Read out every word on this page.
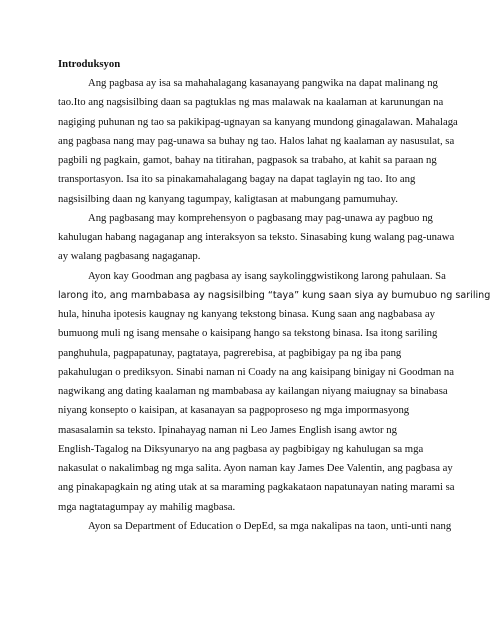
Introduksyon
Ang pagbasa ay isa sa mahahalagang kasanayang pangwika na dapat malinang ng
tao.Ito ang nagsisilbing daan sa pagtuklas ng mas malawak na kaalaman at karunungan na
nagiging puhunan ng tao sa pakikipag-ugnayan sa kanyang mundong ginagalawan. Mahalaga
ang pagbasa nang may pag-unawa sa buhay ng tao. Halos lahat ng kaalaman ay nasusulat, sa
pagbili ng pagkain, gamot, bahay na titirahan, pagpasok sa trabaho, at kahit sa paraan ng
transportasyon. Isa ito sa pinakamahalagang bagay na dapat taglayin ng tao. Ito ang
nagsisilbing daan ng kanyang tagumpay, kaligtasan at mabungang pamumuhay.
Ang pagbasang may komprehensyon o pagbasang may pag-unawa ay pagbuo ng
kahulugan habang nagaganap ang interaksyon sa teksto. Sinasabing kung walang pag-unawa
ay walang pagbasang nagaganap.
Ayon kay Goodman ang pagbasa ay isang saykolinggwistikong larong pahulaan. Sa
larong ito, ang mambabasa ay nagsisilbing “taya” kung saan siya ay bumubuo ng sariling
hula, hinuha ipotesis kaugnay ng kanyang tekstong binasa. Kung saan ang nagbabasa ay
bumuong muli ng isang mensahe o kaisipang hango sa tekstong binasa. Isa itong sariling
panghuhula, pagpapatunay, pagtataya, pagrerebisa, at pagbibigay pa ng iba pang
pakahulugan o prediksyon. Sinabi naman ni Coady na ang kaisipang binigay ni Goodman na
nagwikang ang dating kaalaman ng mambabasa ay kailangan niyang maiugnay sa binabasa
niyang konsepto o kaisipan, at kasanayan sa pagpoproseso ng mga impormasyong
masasalamin sa teksto. Ipinahayag naman ni Leo James English isang awtor ng
English-Tagalog na Diksyunaryo na ang pagbasa ay pagbibigay ng kahulugan sa mga
nakasulat o nakalimbag ng mga salita. Ayon naman kay James Dee Valentin, ang pagbasa ay
ang pinakapagkain ng ating utak at sa maraming pagkakataon napatunayan nating marami sa
mga nagtatagumpay ay mahilig magbasa.
Ayon sa Department of Education o DepEd, sa mga nakalipas na taon, unti-unti nang
